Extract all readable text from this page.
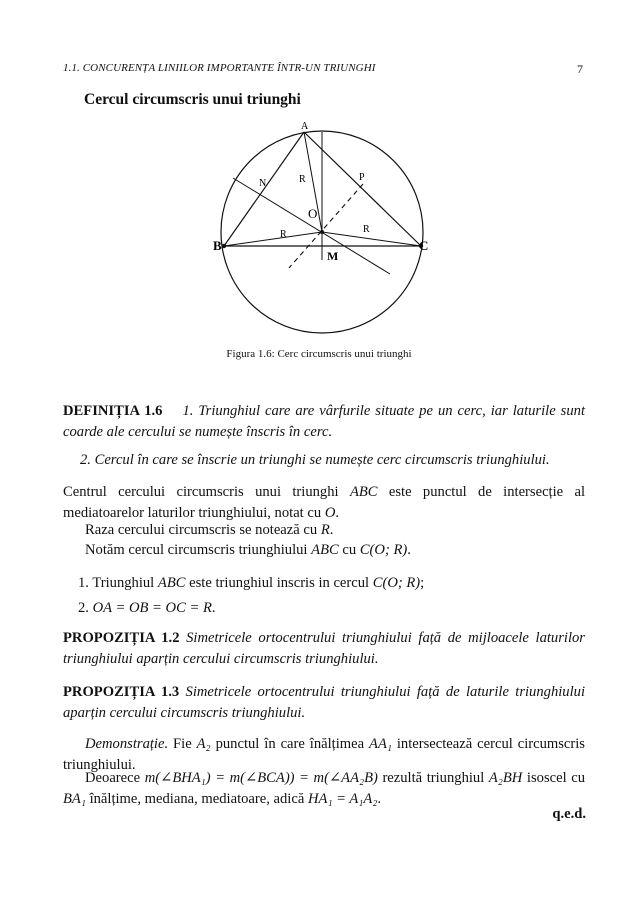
1.1. CONCURENȚA LINIILOR IMPORTANTE ÎNTR-UN TRIUNGHI	7
Cercul circumscris unui triunghi
A
B	C
N
P
O
M
R
R	R
Figura 1.6: Cerc circumscris unui triunghi
DEFINIȚIA 1.6 1. Triunghiul care are vârfurile situate pe un cerc, iar laturile sunt coarde ale cercului se numește înscris în cerc.
2. Cercul în care se înscrie un triunghi se numește cerc circumscris triunghiului.
Centrul cercului circumscris unui triunghi ABC este punctul de intersecție al mediatoarelor laturilor triunghiului, notat cu O.
Raza cercului circumscris se notează cu R.
Notăm cercul circumscris triunghiului ABC cu C(O; R).
1. Triunghiul ABC este triunghiul inscris in cercul C(O; R);
2. OA = OB = OC = R.
PROPOZIȚIA 1.2 Simetricele ortocentrului triunghiului față de mijloacele laturilor triunghiului aparțin cercului circumscris triunghiului.
PROPOZIȚIA 1.3 Simetricele ortocentrului triunghiului față de laturile triunghiului aparțin cercului circumscris triunghiului.
Demonstrație. Fie A₂ punctul în care înălțimea AA₁ intersectează cercul circumscris triunghiului.
Deoarece m(∠BHA₁) = m(∠BCA)) = m(∠AA₂B) rezultă triunghiul A₂BH isoscel cu BA₁ înălțime, mediana, mediatoare, adică HA₁ = A₁A₂.
q.e.d.
